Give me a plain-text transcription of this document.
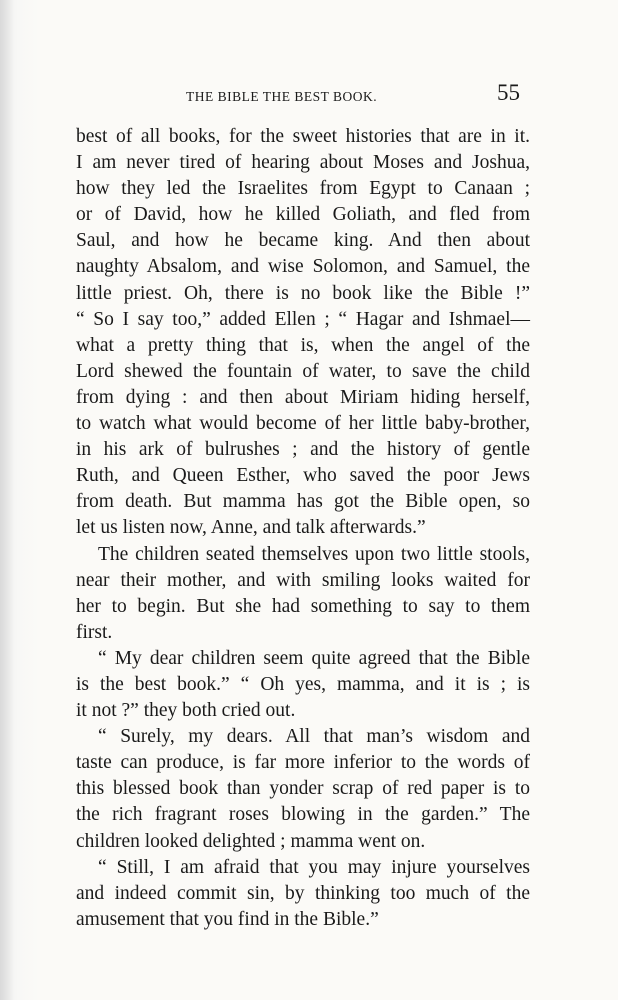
THE BIBLE THE BEST BOOK.	55
best of all books, for the sweet histories that are in it.
I am never tired of hearing about Moses and Joshua,
how they led the Israelites from Egypt to Canaan ;
or of David, how he killed Goliath, and fled from
Saul, and how he became king. And then about
naughty Absalom, and wise Solomon, and Samuel, the
little priest. Oh, there is no book like the Bible !”
“ So I say too,” added Ellen ; “ Hagar and Ishmael—
what a pretty thing that is, when the angel of the
Lord shewed the fountain of water, to save the child
from dying : and then about Miriam hiding herself,
to watch what would become of her little baby-brother,
in his ark of bulrushes ; and the history of gentle
Ruth, and Queen Esther, who saved the poor Jews
from death. But mamma has got the Bible open, so
let us listen now, Anne, and talk afterwards.”
The children seated themselves upon two little stools,
near their mother, and with smiling looks waited for
her to begin. But she had something to say to them
first.
“ My dear children seem quite agreed that the Bible
is the best book.” “ Oh yes, mamma, and it is ; is
it not ?” they both cried out.
“ Surely, my dears. All that man’s wisdom and
taste can produce, is far more inferior to the words of
this blessed book than yonder scrap of red paper is to
the rich fragrant roses blowing in the garden.” The
children looked delighted ; mamma went on.
“ Still, I am afraid that you may injure yourselves
and indeed commit sin, by thinking too much of the
amusement that you find in the Bible.”
